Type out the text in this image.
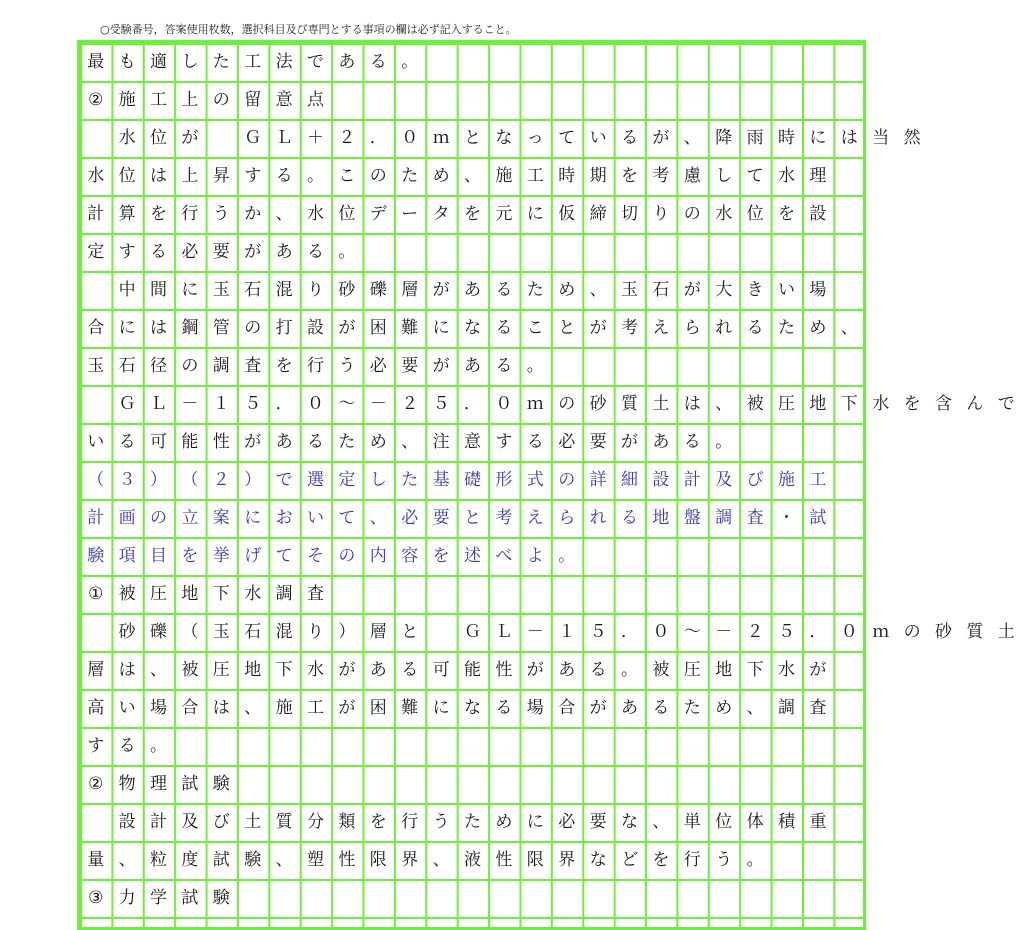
○受験番号，答案使用枚数，選択科目及び専門とする事項の欄は必ず記入すること。
最 も 適 し た 工 法 で あ る 。
② 施 工 上 の 留 意 点
水 位 が	Ｇ Ｌ ＋ ２ ． ０ ｍ と な っ て い る が 、 降 雨 時 に は 当 然
水 位 は 上 昇 す る 。 こ の た め 、 施 工 時 期 を 考 慮 し て 水 理
計 算 を 行 う か 、 水 位 デ ー タ を 元 に 仮 締 切 り の 水 位 を 設
定 す る 必 要 が あ る 。
中 間 に 玉 石 混 り 砂 礫 層 が あ る た め 、 玉 石 が 大 き い 場
合 に は 鋼 管 の 打 設 が 困 難 に な る こ と が 考 え ら れ る た め 、
玉 石 径 の 調 査 を 行 う 必 要 が あ る 。
Ｇ Ｌ － １ ５ ． ０ ～ － ２ ５ ． ０ ｍ の 砂 質 土 は 、 被 圧 地 下 水 を 含 ん で
い る 可 能 性 が あ る た め 、 注 意 す る 必 要 が あ る 。
（ ３ ） （ ２ ） で 選 定 し た 基 礎 形 式 の 詳 細 設 計 及 び 施 工
計 画 の 立 案 に お い て 、 必 要 と 考 え ら れ る 地 盤 調 査 ・ 試
験 項 目 を 挙 げ て そ の 内 容 を 述 べ よ 。
① 被 圧 地 下 水 調 査
砂 礫 （ 玉 石 混 り ） 層 と	Ｇ Ｌ － １ ５ ． ０ ～ － ２ ５ ． ０ ｍ の 砂 質 土
層 は 、 被 圧 地 下 水 が あ る 可 能 性 が あ る 。 被 圧 地 下 水 が
高 い 場 合 は 、 施 工 が 困 難 に な る 場 合 が あ る た め 、 調 査
す る 。
② 物 理 試 験
設 計 及 び 土 質 分 類 を 行 う た め に 必 要 な 、 単 位 体 積 重
量 、 粒 度 試 験 、 塑 性 限 界 、 液 性 限 界 な ど を 行 う 。
③ 力 学 試 験
